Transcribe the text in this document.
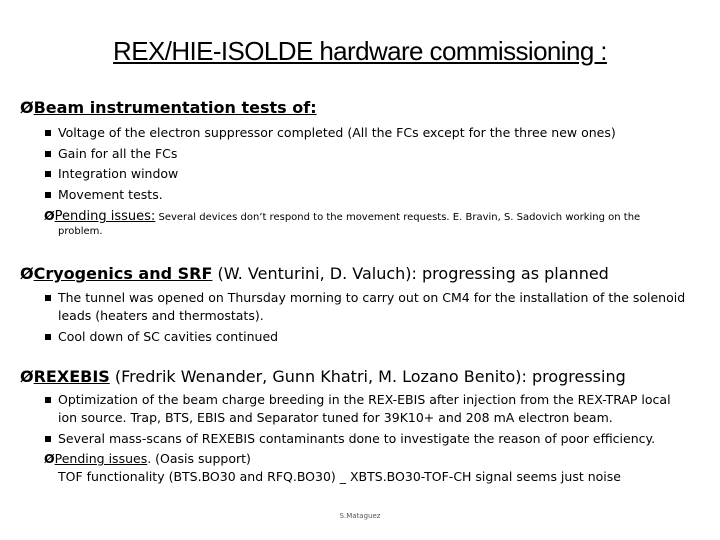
REX/HIE-ISOLDE hardware commissioning :
ØBeam instrumentation tests of:
Voltage of the electron suppressor completed (All the FCs except for the three new ones)
Gain for all the FCs
Integration window
Movement tests.
ØPending issues: Several devices don’t respond to the movement requests. E. Bravin, S. Sadovich working on the
problem.
ØCryogenics and SRF (W. Venturini, D. Valuch): progressing as planned
The tunnel was opened on Thursday morning to carry out on CM4 for the installation of the solenoid
leads (heaters and thermostats).
Cool down of SC cavities continued
ØREXEBIS (Fredrik Wenander, Gunn Khatri, M. Lozano Benito): progressing
Optimization of the beam charge breeding in the REX-EBIS after injection from the REX-TRAP local
ion source. Trap, BTS, EBIS and Separator tuned for 39K10+ and 208 mA electron beam.
Several mass-scans of REXEBIS contaminants done to investigate the reason of poor efficiency.
ØPending issues. (Oasis support)
TOF functionality (BTS.BO30 and RFQ.BO30) _ XBTS.BO30-TOF-CH signal seems just noise
S.Mataguez
